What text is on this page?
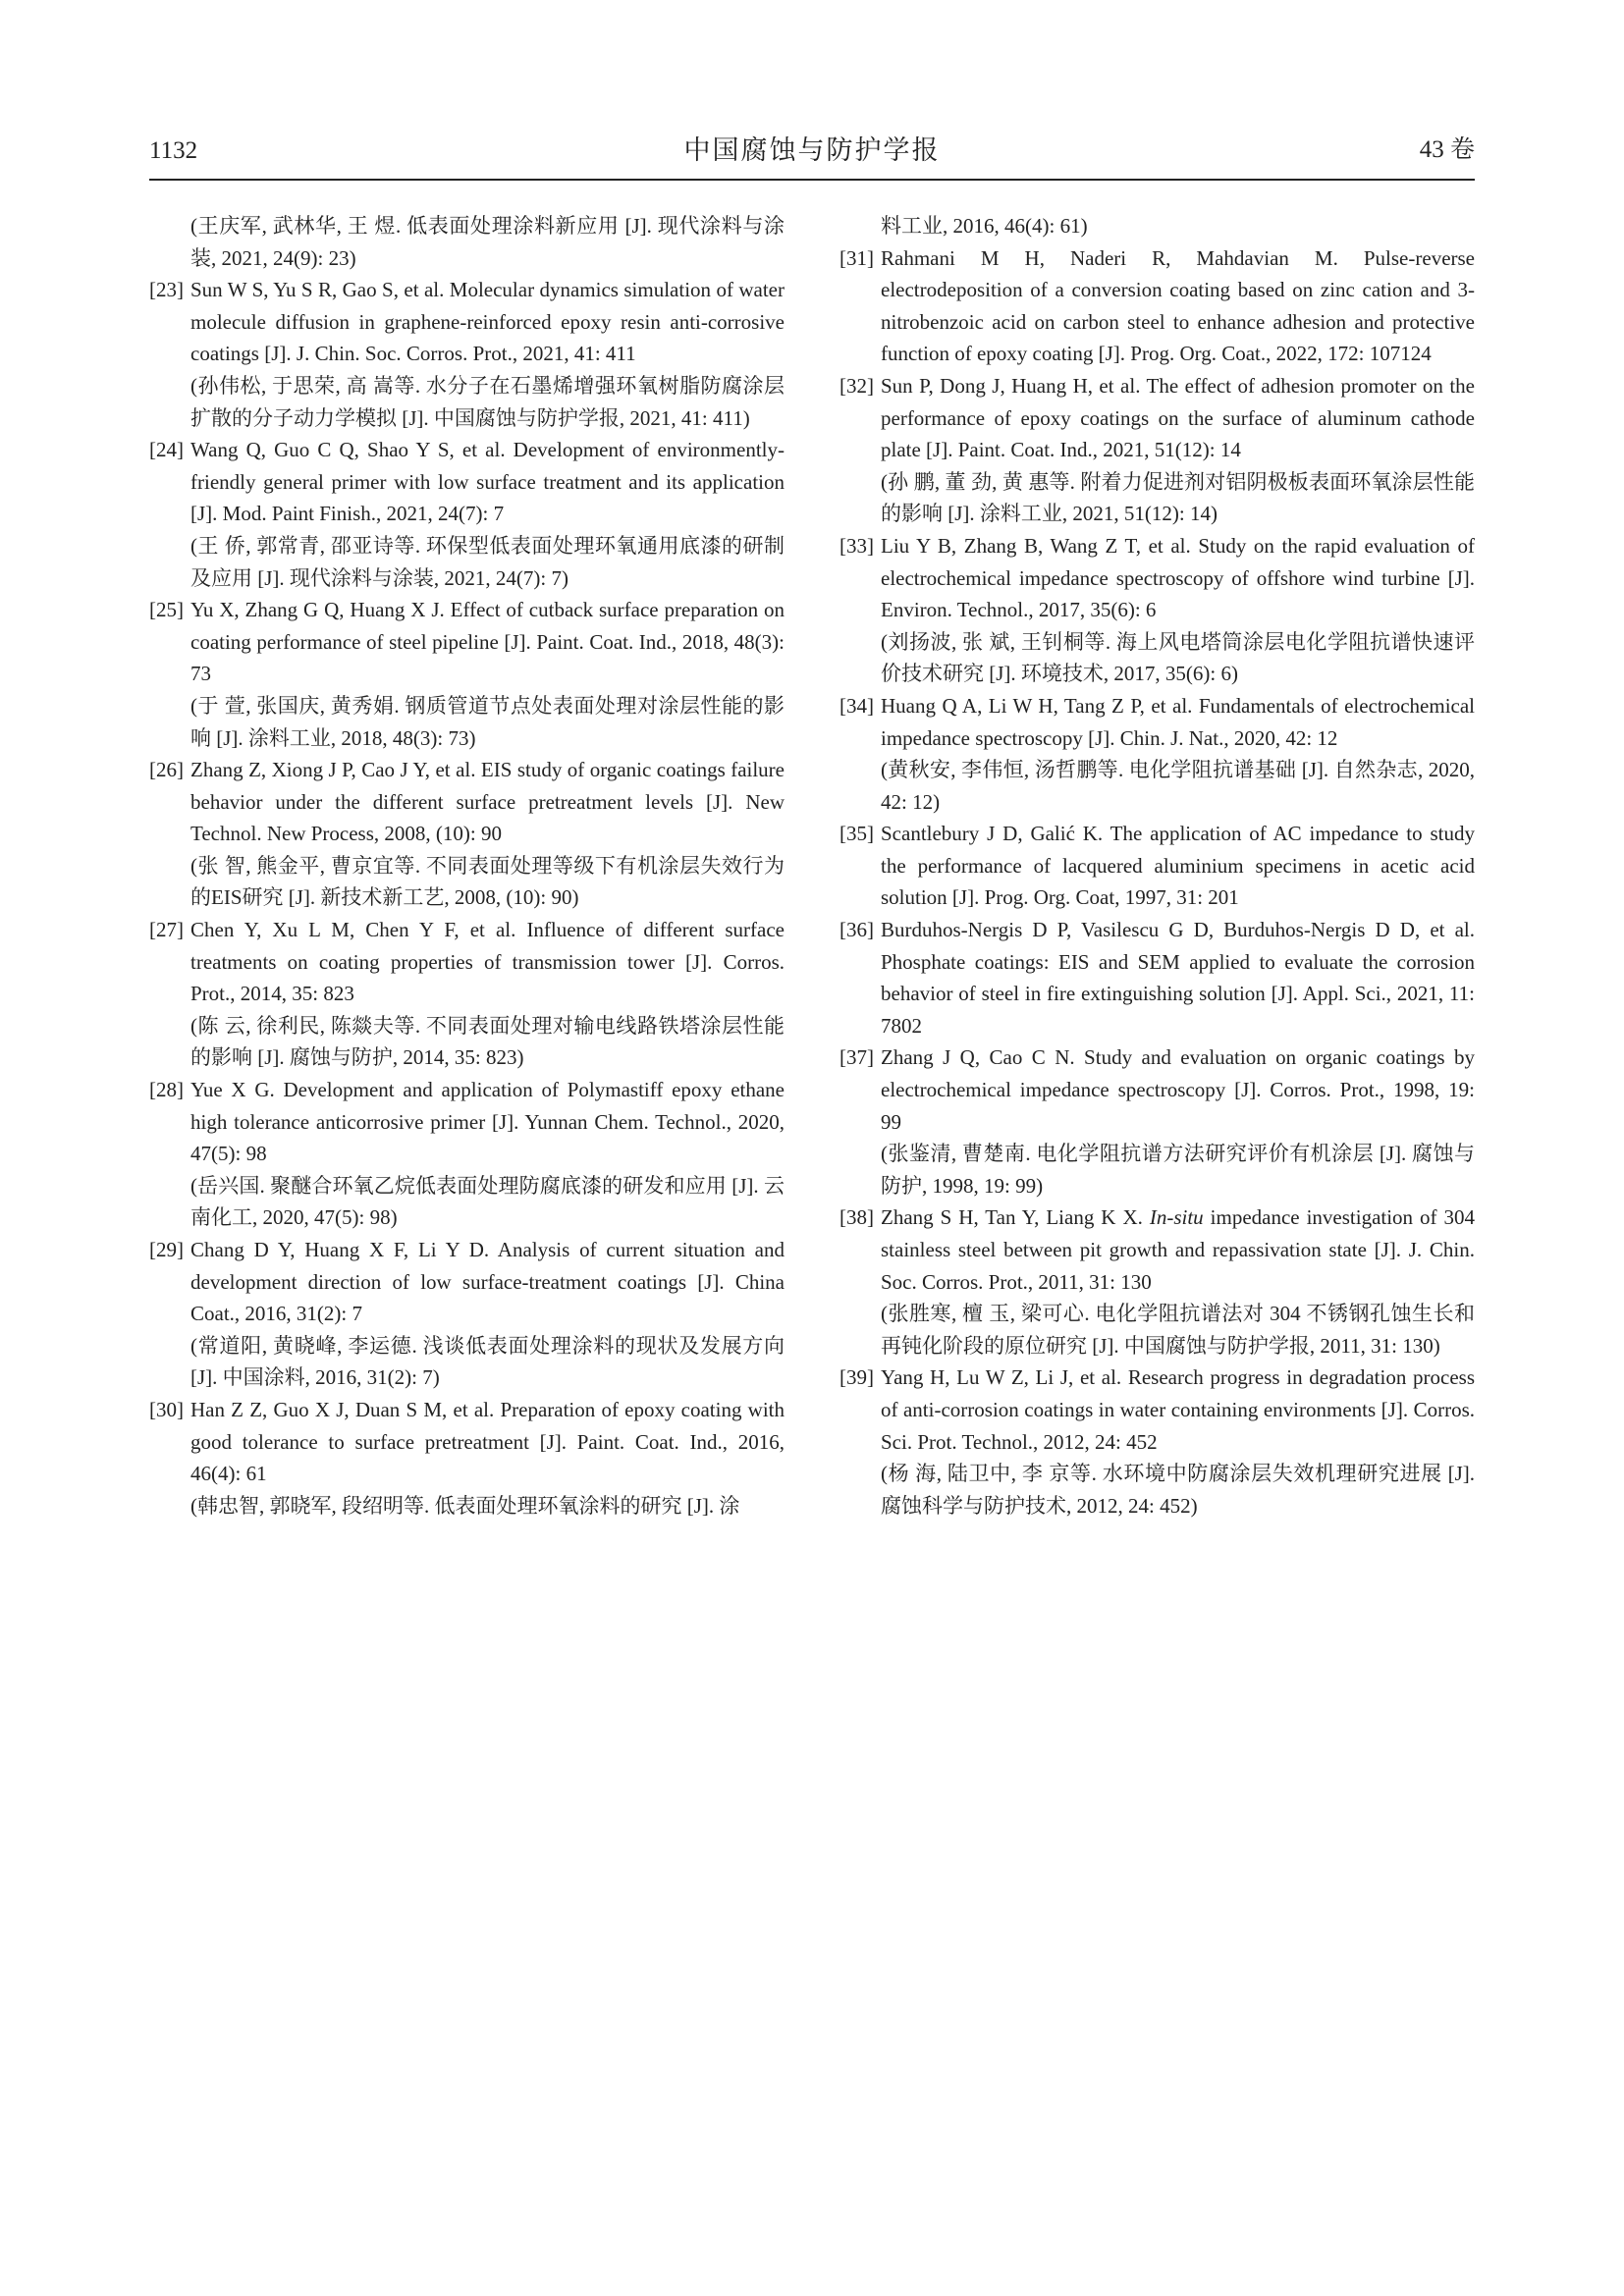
1132	中国腐蚀与防护学报	43 卷
(王庆军, 武林华, 王 煜. 低表面处理涂料新应用 [J]. 现代涂料与涂装, 2021, 24(9): 23)
[23] Sun W S, Yu S R, Gao S, et al. Molecular dynamics simulation of water molecule diffusion in graphene-reinforced epoxy resin anti-corrosive coatings [J]. J. Chin. Soc. Corros. Prot., 2021, 41: 411
(孙伟松, 于思荣, 高 嵩等. 水分子在石墨烯增强环氧树脂防腐涂层扩散的分子动力学模拟 [J]. 中国腐蚀与防护学报, 2021, 41: 411)
[24] Wang Q, Guo C Q, Shao Y S, et al. Development of environmently-friendly general primer with low surface treatment and its application [J]. Mod. Paint Finish., 2021, 24(7): 7
(王 侨, 郭常青, 邵亚诗等. 环保型低表面处理环氧通用底漆的研制及应用 [J]. 现代涂料与涂装, 2021, 24(7): 7)
[25] Yu X, Zhang G Q, Huang X J. Effect of cutback surface preparation on coating performance of steel pipeline [J]. Paint. Coat. Ind., 2018, 48(3): 73
(于 萱, 张国庆, 黄秀娟. 钢质管道节点处表面处理对涂层性能的影响 [J]. 涂料工业, 2018, 48(3): 73)
[26] Zhang Z, Xiong J P, Cao J Y, et al. EIS study of organic coatings failure behavior under the different surface pretreatment levels [J]. New Technol. New Process, 2008, (10): 90
(张 智, 熊金平, 曹京宜等. 不同表面处理等级下有机涂层失效行为的EIS研究 [J]. 新技术新工艺, 2008, (10): 90)
[27] Chen Y, Xu L M, Chen Y F, et al. Influence of different surface treatments on coating properties of transmission tower [J]. Corros. Prot., 2014, 35: 823
(陈 云, 徐利民, 陈燚夫等. 不同表面处理对输电线路铁塔涂层性能的影响 [J]. 腐蚀与防护, 2014, 35: 823)
[28] Yue X G. Development and application of Polymastiff epoxy ethane high tolerance anticorrosive primer [J]. Yunnan Chem. Technol., 2020, 47(5): 98
(岳兴国. 聚醚合环氧乙烷低表面处理防腐底漆的研发和应用 [J]. 云南化工, 2020, 47(5): 98)
[29] Chang D Y, Huang X F, Li Y D. Analysis of current situation and development direction of low surface-treatment coatings [J]. China Coat., 2016, 31(2): 7
(常道阳, 黄晓峰, 李运德. 浅谈低表面处理涂料的现状及发展方向 [J]. 中国涂料, 2016, 31(2): 7)
[30] Han Z Z, Guo X J, Duan S M, et al. Preparation of epoxy coating with good tolerance to surface pretreatment [J]. Paint. Coat. Ind., 2016, 46(4): 61
(韩忠智, 郭晓军, 段绍明等. 低表面处理环氧涂料的研究 [J]. 涂
料工业, 2016, 46(4): 61)
[31] Rahmani M H, Naderi R, Mahdavian M. Pulse-reverse electrodeposition of a conversion coating based on zinc cation and 3-nitrobenzoic acid on carbon steel to enhance adhesion and protective function of epoxy coating [J]. Prog. Org. Coat., 2022, 172: 107124
[32] Sun P, Dong J, Huang H, et al. The effect of adhesion promoter on the performance of epoxy coatings on the surface of aluminum cathode plate [J]. Paint. Coat. Ind., 2021, 51(12): 14
(孙 鹏, 董 劲, 黄 惠等. 附着力促进剂对铝阴极板表面环氧涂层性能的影响 [J]. 涂料工业, 2021, 51(12): 14)
[33] Liu Y B, Zhang B, Wang Z T, et al. Study on the rapid evaluation of electrochemical impedance spectroscopy of offshore wind turbine [J]. Environ. Technol., 2017, 35(6): 6
(刘扬波, 张 斌, 王钊桐等. 海上风电塔筒涂层电化学阻抗谱快速评价技术研究 [J]. 环境技术, 2017, 35(6): 6)
[34] Huang Q A, Li W H, Tang Z P, et al. Fundamentals of electrochemical impedance spectroscopy [J]. Chin. J. Nat., 2020, 42: 12
(黄秋安, 李伟恒, 汤哲鹏等. 电化学阻抗谱基础 [J]. 自然杂志, 2020, 42: 12)
[35] Scantlebury J D, Galić K. The application of AC impedance to study the performance of lacquered aluminium specimens in acetic acid solution [J]. Prog. Org. Coat, 1997, 31: 201
[36] Burduhos-Nergis D P, Vasilescu G D, Burduhos-Nergis D D, et al. Phosphate coatings: EIS and SEM applied to evaluate the corrosion behavior of steel in fire extinguishing solution [J]. Appl. Sci., 2021, 11: 7802
[37] Zhang J Q, Cao C N. Study and evaluation on organic coatings by electrochemical impedance spectroscopy [J]. Corros. Prot., 1998, 19: 99
(张鉴清, 曹楚南. 电化学阻抗谱方法研究评价有机涂层 [J]. 腐蚀与防护, 1998, 19: 99)
[38] Zhang S H, Tan Y, Liang K X. In-situ impedance investigation of 304 stainless steel between pit growth and repassivation state [J]. J. Chin. Soc. Corros. Prot., 2011, 31: 130
(张胜寒, 檀 玉, 梁可心. 电化学阻抗谱法对 304 不锈钢孔蚀生长和再钝化阶段的原位研究 [J]. 中国腐蚀与防护学报, 2011, 31: 130)
[39] Yang H, Lu W Z, Li J, et al. Research progress in degradation process of anti-corrosion coatings in water containing environments [J]. Corros. Sci. Prot. Technol., 2012, 24: 452
(杨 海, 陆卫中, 李 京等. 水环境中防腐涂层失效机理研究进展 [J]. 腐蚀科学与防护技术, 2012, 24: 452)
